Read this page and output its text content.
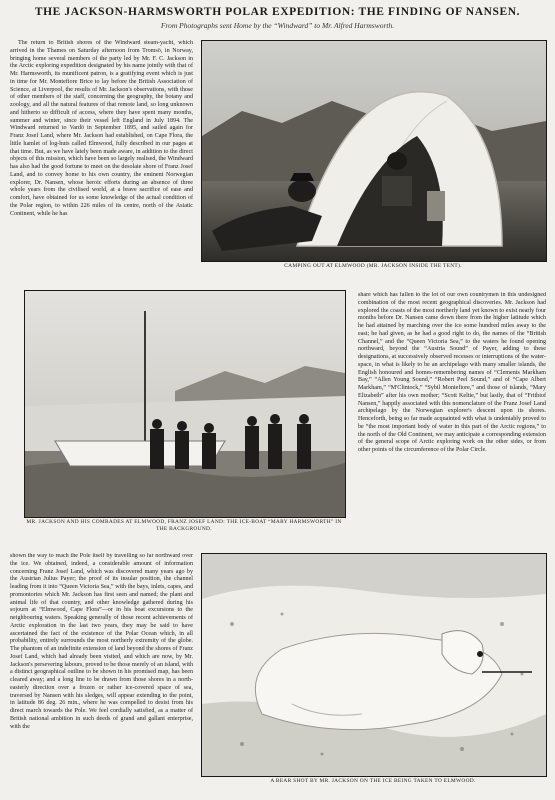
THE JACKSON-HARMSWORTH POLAR EXPEDITION: THE FINDING OF NANSEN.
From Photographs sent Home by the “Windward” to Mr. Alfred Harmsworth.

The return to British shores of the Windward steam-yacht, which arrived in the Thames on Saturday afternoon from Tromsö, in Norway, bringing home several members of the party led by Mr. F. C. Jackson in the Arctic exploring expedition designated by his name jointly with that of Mr. Harmsworth, its munificent patron, is a gratifying event which is just in time for Mr. Montefiore Brice to lay before the British Association of Science, at Liverpool, the results of Mr. Jackson's observations, with those of other members of the staff, concerning the geography, the botany and zoology, and all the natural features of that remote land, so long unknown and hitherto so difficult of access, where they have spent many months, summer and winter, since their vessel left England in July 1894. The Windward returned to Vardö in September 1895, and sailed again for Franz Josef Land, where Mr. Jackson had established, on Cape Flora, the little hamlet of log-huts called Elmwood, fully described in our pages at that time. But, as we have lately been made aware, in addition to the direct objects of this mission, which have been so largely realised, the Windward has also had the good fortune to meet on the desolate shore of Franz Josef Land, and to convey home to his own country, the eminent Norwegian explorer, Dr. Nansen, whose heroic efforts during an absence of three whole years from the civilised world, at a brave sacrifice of ease and comfort, have obtained for us some knowledge of the actual condition of the Polar region, to within 226 miles of its centre, north of the Asiatic Continent, while he has

CAMPING OUT AT ELMWOOD (MR. JACKSON INSIDE THE TENT).
MR. JACKSON AND HIS COMRADES AT ELMWOOD, FRANZ JOSEF LAND: THE ICE-BOAT “MARY HARMSWORTH” IN THE BACKGROUND.

share which has fallen to the lot of our own countrymen in this undesigned combination of the most recent geographical discoveries. Mr. Jackson had explored the coasts of the most northerly land yet known to exist nearly four months before Dr. Nansen came down there from the higher latitude which he had attained by marching over the ice some hundred miles away to the east; he had given, as he had a good right to do, the names of the “British Channel,” and the “Queen Victoria Sea,” to the waters he found opening northward, beyond the “Austria Sound” of Payer, adding to these designations, at successively observed recesses or interruptions of the water-space, in what is likely to be an archipelago with many smaller islands, the English honoured and homes-remembering names of “Clements Markham Bay,” “Allen Young Sound,” “Robert Peel Sound,” and of “Cape Albert Markham,” “M'Clintock,” “Sybil Montefiore,” and those of islands, “Mary Elizabeth” after his own mother; “Scott Keltie,” but lastly, that of “Frithiof Nansen,” happily associated with this nomenclature of the Franz Josef Land archipelago by the Norwegian explorer's descent upon its shores. Henceforth, being so far made acquainted with what is undeniably proved to be “the most important body of water in this part of the Arctic regions,” to the north of the Old Continent, we may anticipate a corresponding extension of the general scope of Arctic exploring work on the other sides, or from other points of the circumference of the Polar Circle.

shown the way to reach the Pole itself by travelling so far northward over the ice. We obtained, indeed, a considerable amount of information concerning Franz Josef Land, which was discovered many years ago by the Austrian Julius Payer; the proof of its insular position, the channel leading from it into “Queen Victoria Sea,” with the bays, inlets, capes, and promontories which Mr. Jackson has first seen and named; the plant and animal life of that country, and other knowledge gathered during his sojourn at “Elmwood, Cape Flora”—or in his boat excursions to the neighbouring waters. Speaking generally of those recent achievements of Arctic exploration in the last two years, they may be said to have ascertained the fact of the existence of the Polar Ocean which, in all probability, entirely surrounds the most northerly extremity of the globe. The phantom of an indefinite extension of land beyond the shores of Franz Josef Land, which had already been visited, and which are now, by Mr. Jackson's persevering labours, proved to be those merely of an island, with a distinct geographical outline to be shown in his promised map, has been cleared away; and a long line to be drawn from those shores in a north-easterly direction over a frozen or rather ice-covered space of sea, traversed by Nansen with his sledges, will appear extending to the point, in latitude 86 deg. 26 min., where he was compelled to desist from his direct march towards the Pole. We feel cordially satisfied, as a matter of British national ambition in such deeds of grand and gallant enterprise, with the

A BEAR SHOT BY MR. JACKSON ON THE ICE BEING TAKEN TO ELMWOOD.
